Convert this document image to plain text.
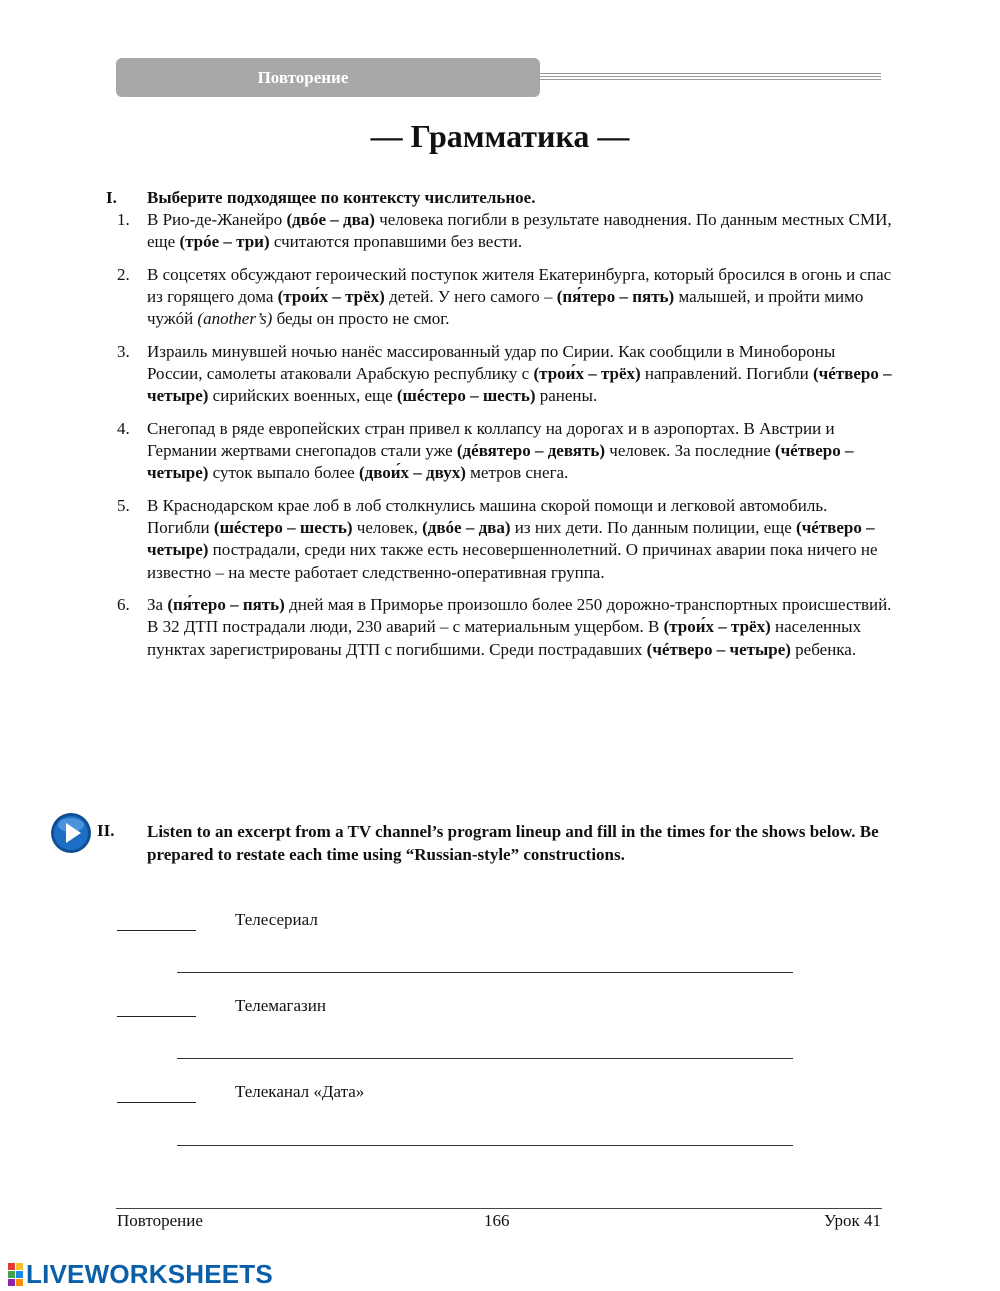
Повторение
— Грамматика —
I. Выберите подходящее по контексту числительное.
1. В Рио-де-Жанейро (двóе – два) человека погибли в результате наводнения. По данным местных СМИ, еще (трóе – три) считаются пропавшими без вести.
2. В соцсетях обсуждают героический поступок жителя Екатеринбурга, который бросился в огонь и спас из горящего дома (трои́х – трёх) детей. У него самого – (пя́теро – пять) малышей, и пройти мимо чужóй (another’s) беды он просто не смог.
3. Израиль минувшей ночью нанёс массированный удар по Сирии. Как сообщили в Минобороны России, самолеты атаковали Арабскую республику с (трои́х – трёх) направлений. Погибли (чéтверо – четыре) сирийских военных, еще (шéстеро – шесть) ранены.
4. Снегопад в ряде европейских стран привел к коллапсу на дорогах и в аэропортах. В Австрии и Германии жертвами снегопадов стали уже (дéвятеро – девять) человек. За последние (чéтверо – четыре) суток выпало более (двои́х – двух) метров снега.
5. В Краснодарском крае лоб в лоб столкнулись машина скорой помощи и легковой автомобиль. Погибли (шéстеро – шесть) человек, (двóе – два) из них дети. По данным полиции, еще (чéтверо – четыре) пострадали, среди них также есть несовершеннолетний. О причинах аварии пока ничего не известно – на месте работает следственно-оперативная группа.
6. За (пя́теро – пять) дней мая в Приморье произошло более 250 дорожно-транспортных происшествий. В 32 ДТП пострадали люди, 230 аварий – с материальным ущербом. В (трои́х – трёх) населенных пунктах зарегистрированы ДТП с погибшими. Среди пострадавших (чéтверо – четыре) ребенка.
II. Listen to an excerpt from a TV channel’s program lineup and fill in the times for the shows below. Be prepared to restate each time using “Russian-style” constructions.
Телесериал
Телемагазин
Телеканал «Дата»
Повторение	166	Урок 41
LIVEWORKSHEETS
